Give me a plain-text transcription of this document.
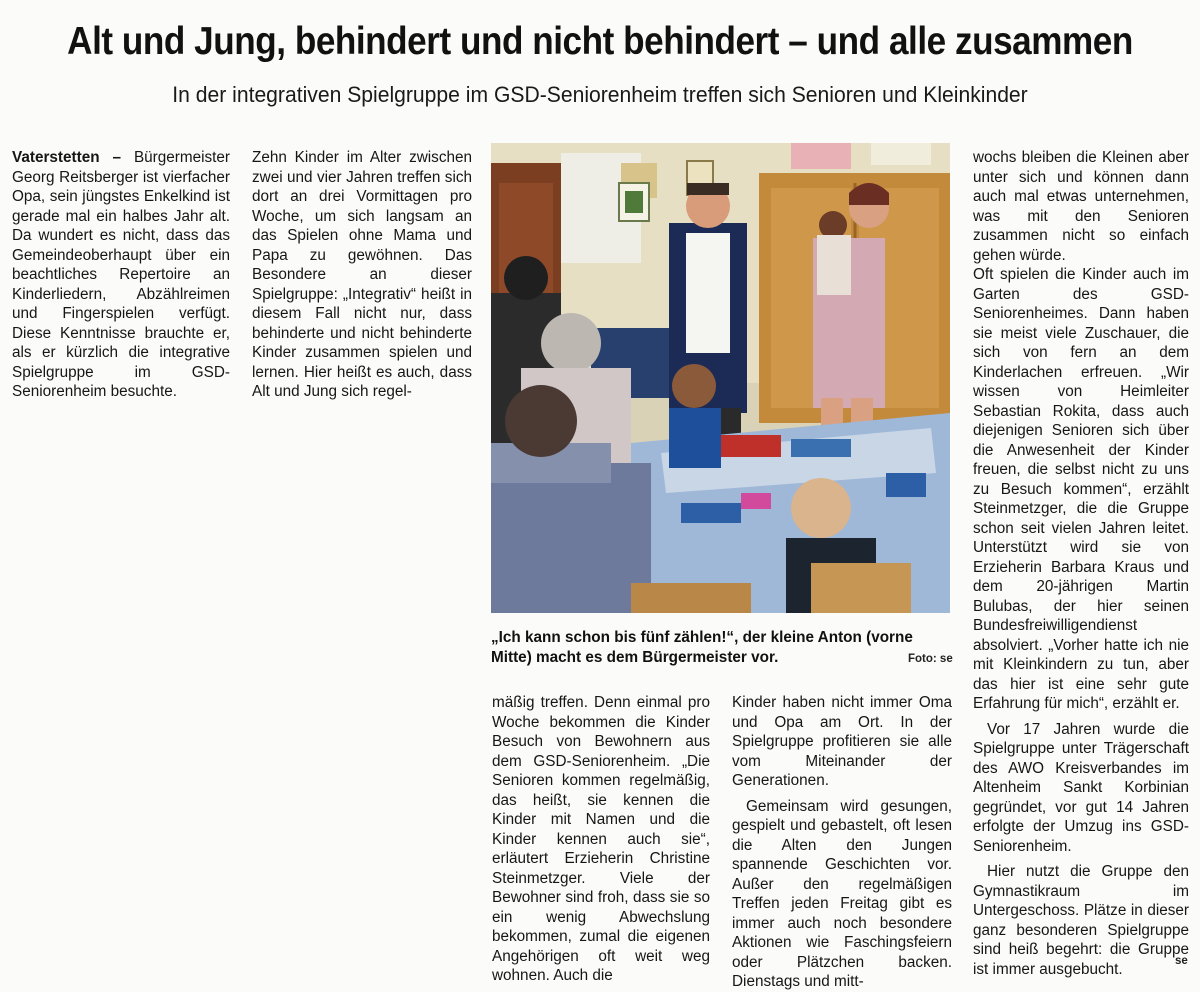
Alt und Jung, behindert und nicht behindert – und alle zusammen
In der integrativen Spielgruppe im GSD-Seniorenheim treffen sich Senioren und Kleinkinder

Vaterstetten – Bürgermeister Georg Reitsberger ist vierfacher Opa, sein jüngstes Enkelkind ist gerade mal ein halbes Jahr alt. Da wundert es nicht, dass das Gemeindeoberhaupt über ein beachtliches Repertoire an Kinderliedern, Abzählreimen und Fingerspielen verfügt. Diese Kenntnisse brauchte er, als er kürzlich die integrative Spielgruppe im GSD-Seniorenheim besuchte.

Zehn Kinder im Alter zwischen zwei und vier Jahren treffen sich dort an drei Vormittagen pro Woche, um sich langsam an das Spielen ohne Mama und Papa zu gewöhnen. Das Besondere an dieser Spielgruppe: „Integrativ“ heißt in diesem Fall nicht nur, dass behinderte und nicht behinderte Kinder zusammen spielen und lernen. Hier heißt es auch, dass Alt und Jung sich regel-

„Ich kann schon bis fünf zählen!“, der kleine Anton (vorne Mitte) macht es dem Bürgermeister vor.	Foto: se

mäßig treffen. Denn einmal pro Woche bekommen die Kinder Besuch von Bewohnern aus dem GSD-Seniorenheim. „Die Senioren kommen regelmäßig, das heißt, sie kennen die Kinder mit Namen und die Kinder kennen auch sie“, erläutert Erzieherin Christine Steinmetzger. Viele der Bewohner sind froh, dass sie so ein wenig Abwechslung bekommen, zumal die eigenen Angehörigen oft weit weg wohnen. Auch die

Kinder haben nicht immer Oma und Opa am Ort. In der Spielgruppe profitieren sie alle vom Miteinander der Generationen.

Gemeinsam wird gesungen, gespielt und gebastelt, oft lesen die Alten den Jungen spannende Geschichten vor. Außer den regelmäßigen Treffen jeden Freitag gibt es immer auch noch besondere Aktionen wie Faschingsfeiern oder Plätzchen backen. Dienstags und mitt-

wochs bleiben die Kleinen aber unter sich und können dann auch mal etwas unternehmen, was mit den Senioren zusammen nicht so einfach gehen würde.

Oft spielen die Kinder auch im Garten des GSD-Seniorenheimes. Dann haben sie meist viele Zuschauer, die sich von fern an dem Kinderlachen erfreuen. „Wir wissen von Heimleiter Sebastian Rokita, dass auch diejenigen Senioren sich über die Anwesenheit der Kinder freuen, die selbst nicht zu uns zu Besuch kommen“, erzählt Steinmetzger, die die Gruppe schon seit vielen Jahren leitet. Unterstützt wird sie von Erzieherin Barbara Kraus und dem 20-jährigen Martin Bulubas, der hier seinen Bundesfreiwilligendienst absolviert. „Vorher hatte ich nie mit Kleinkindern zu tun, aber das hier ist eine sehr gute Erfahrung für mich“, erzählt er.

Vor 17 Jahren wurde die Spielgruppe unter Trägerschaft des AWO Kreisverbandes im Altenheim Sankt Korbinian gegründet, vor gut 14 Jahren erfolgte der Umzug ins GSD-Seniorenheim.

Hier nutzt die Gruppe den Gymnastikraum im Untergeschoss. Plätze in dieser ganz besonderen Spielgruppe sind heiß begehrt: die Gruppe ist immer ausgebucht.	se
